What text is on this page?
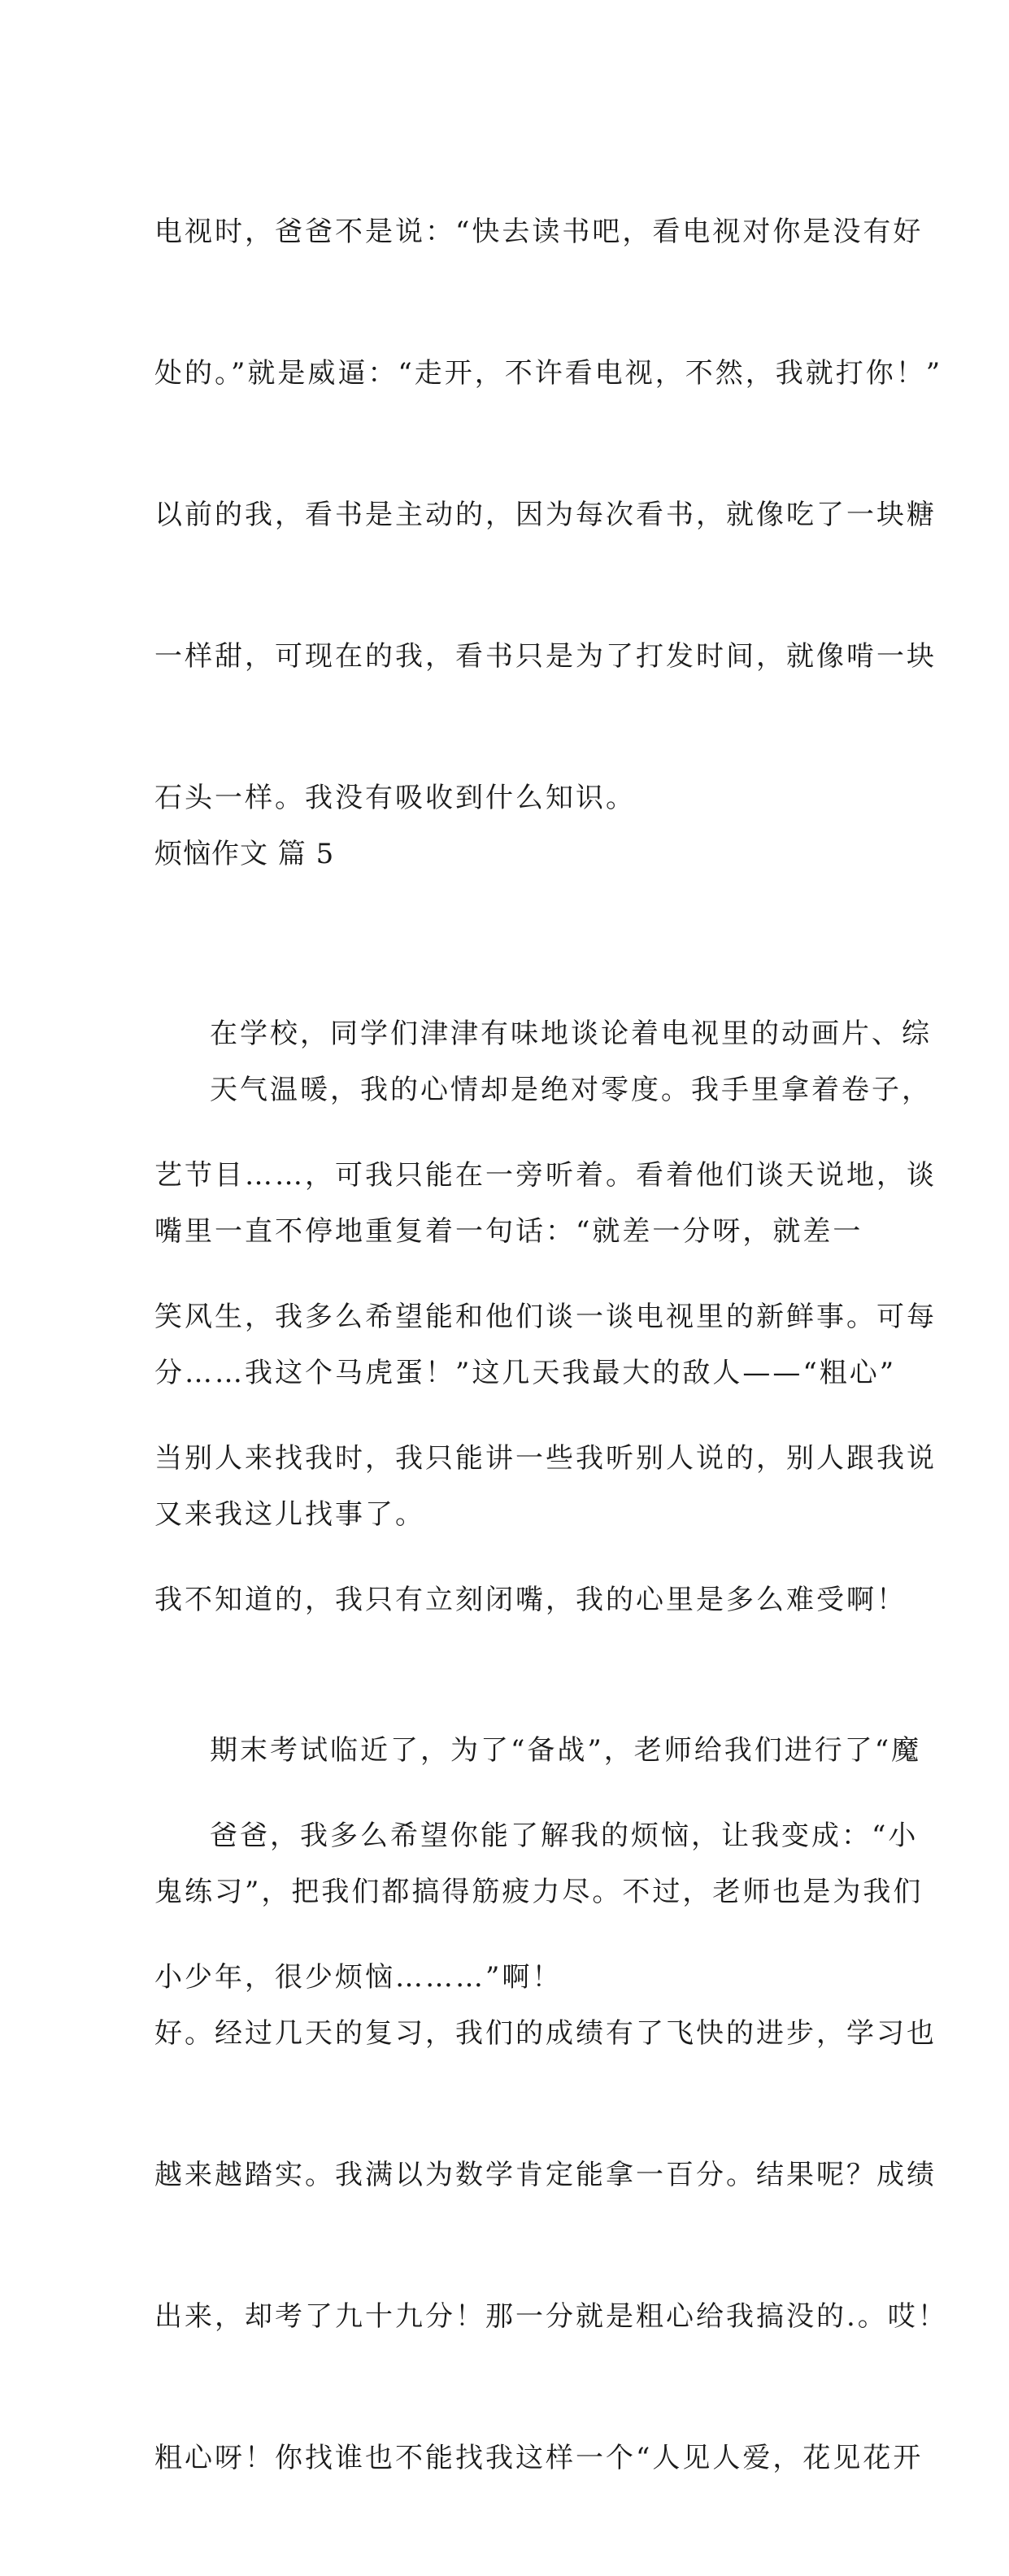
电视时，爸爸不是说：“快去读书吧，看电视对你是没有好

处的。”就是威逼：“走开，不许看电视，不然，我就打你！”

以前的我，看书是主动的，因为每次看书，就像吃了一块糖

一样甜，可现在的我，看书只是为了打发时间，就像啃一块

石头一样。我没有吸收到什么知识。

在学校，同学们津津有味地谈论着电视里的动画片、综

艺节目……，可我只能在一旁听着。看着他们谈天说地，谈

笑风生，我多么希望能和他们谈一谈电视里的新鲜事。可每

当别人来找我时，我只能讲一些我听别人说的，别人跟我说

我不知道的，我只有立刻闭嘴，我的心里是多么难受啊！

爸爸，我多么希望你能了解我的烦恼，让我变成：“小

小少年，很少烦恼………”啊！

烦恼作文 篇 5

天气温暖，我的心情却是绝对零度。我手里拿着卷子，

嘴里一直不停地重复着一句话：“就差一分呀，就差一

分……我这个马虎蛋！”这几天我最大的敌人——“粗心”

又来我这儿找事了。

期末考试临近了，为了“备战”，老师给我们进行了“魔

鬼练习”，把我们都搞得筋疲力尽。不过，老师也是为我们

好。经过几天的复习，我们的成绩有了飞快的进步，学习也

越来越踏实。我满以为数学肯定能拿一百分。结果呢？成绩

出来，却考了九十九分！那一分就是粗心给我搞没的.。哎！

粗心呀！你找谁也不能找我这样一个“人见人爱，花见花开
